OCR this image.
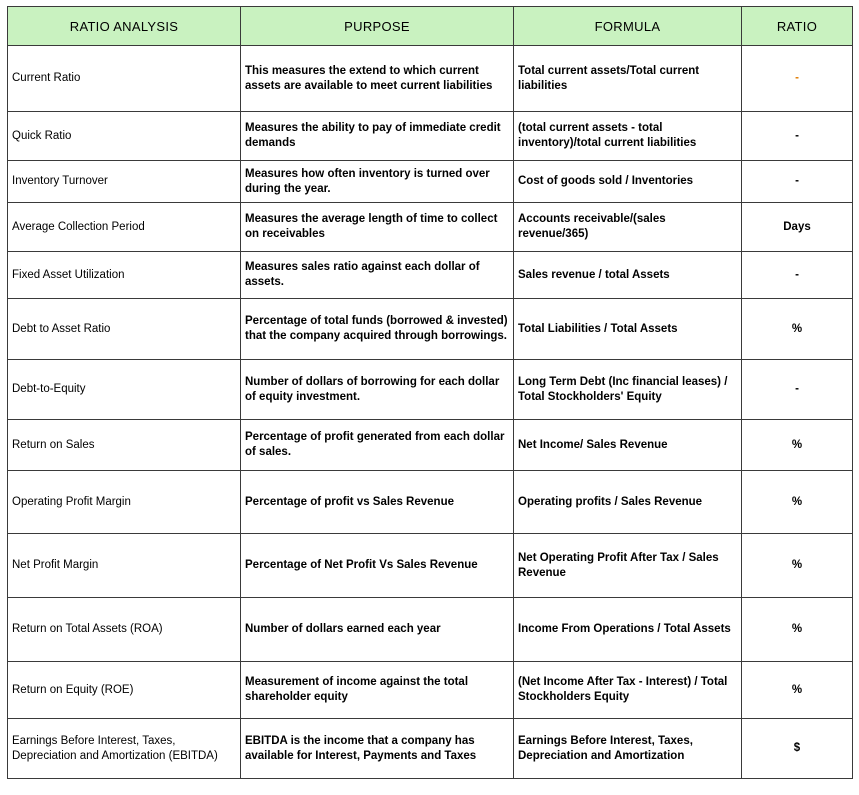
RATIO ANALYSIS	PURPOSE	FORMULA	RATIO
Current Ratio	This measures the extend to which current assets are available to meet current liabilities	Total current assets/Total current liabilities	-
Quick Ratio	Measures the ability to pay of immediate credit demands	(total current assets - total inventory)/total current liabilities	-
Inventory Turnover	Measures how often inventory is turned over during the year.	Cost of goods sold / Inventories	-
Average Collection Period	Measures the average length of time to collect on receivables	Accounts receivable/(sales revenue/365)	Days
Fixed Asset Utilization	Measures sales ratio against each dollar of assets.	Sales revenue / total Assets	-
Debt to Asset Ratio	Percentage of total funds (borrowed & invested) that the company acquired through borrowings.	Total Liabilities / Total Assets	%
Debt-to-Equity	Number of dollars of borrowing for each dollar of equity investment.	Long Term Debt (Inc financial leases) / Total Stockholders' Equity	-
Return on Sales	Percentage of profit generated from each dollar of sales.	Net Income/ Sales Revenue	%
Operating Profit Margin	Percentage of profit vs Sales Revenue	Operating profits / Sales Revenue	%
Net Profit Margin	Percentage of Net Profit Vs Sales Revenue	Net Operating Profit After Tax / Sales Revenue	%
Return on Total Assets (ROA)	Number of dollars earned each year	Income From Operations / Total Assets	%
Return on Equity (ROE)	Measurement of income against the total shareholder equity	(Net Income After Tax - Interest) / Total Stockholders Equity	%
Earnings Before Interest, Taxes, Depreciation and Amortization (EBITDA)	EBITDA is the income that a company has available for Interest, Payments and Taxes	Earnings Before Interest, Taxes, Depreciation and Amortization	$
